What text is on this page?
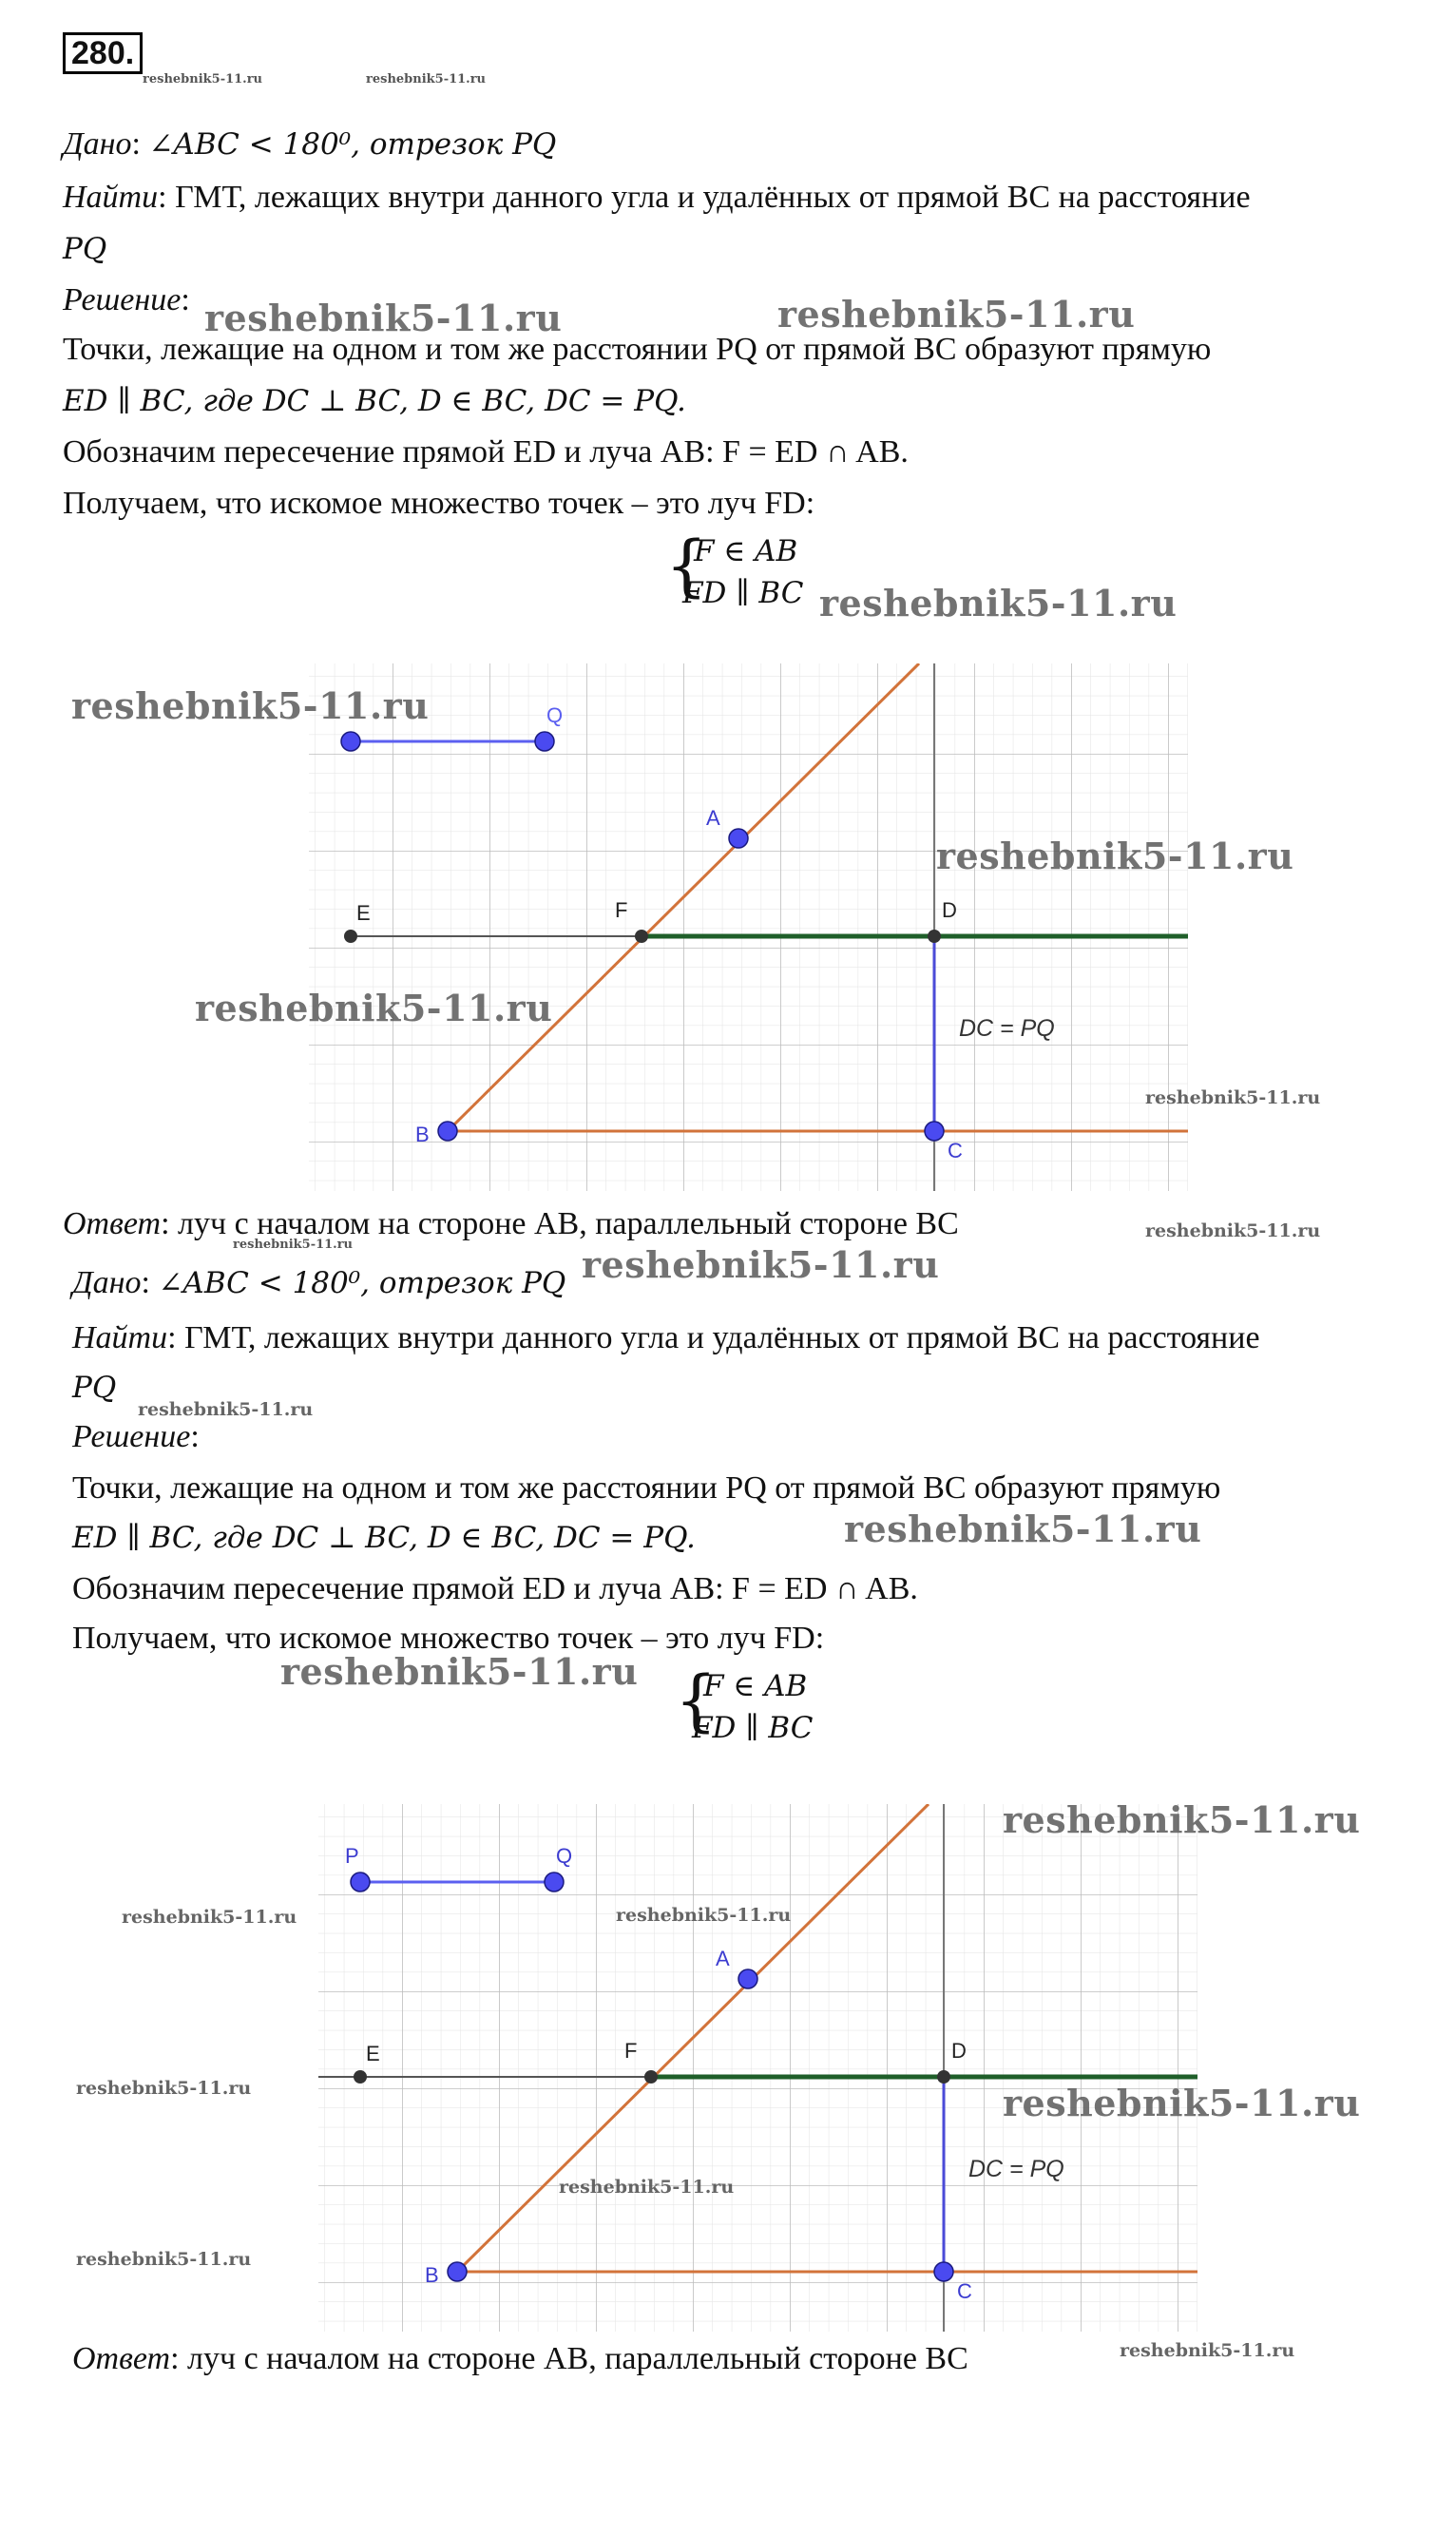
280.
reshebnik5-11.ru	reshebnik5-11.ru
Дано: ∠ABC < 180⁰, отрезок PQ
Найти: ГМТ, лежащих внутри данного угла и удалённых от прямой BC на расстояние
PQ
Решение:
Точки, лежащие на одном и том же расстоянии PQ от прямой BC образуют прямую
ED ∥ BC, где DC ⊥ BC, D ∈ BC, DC = PQ.
Обозначим пересечение прямой ED и луча AB: F = ED ∩ AB.
Получаем, что искомое множество точек – это луч FD:
{
F ∈ AB
FD ∥ BC
reshebnik5-11.ru	reshebnik5-11.ru
reshebnik5-11.ru
Q
A
E	F	D
B
C
DC = PQ
reshebnik5-11.ru
reshebnik5-11.ru
reshebnik5-11.ru
reshebnik5-11.ru
Ответ: луч с началом на стороне AB, параллельный стороне BC	reshebnik5-11.ru
reshebnik5-11.ru
Дано: ∠ABC < 180⁰, отрезок PQ reshebnik5-11.ru
Найти: ГМТ, лежащих внутри данного угла и удалённых от прямой BC на расстояние
PQ
reshebnik5-11.ru
Решение:
Точки, лежащие на одном и том же расстоянии PQ от прямой BC образуют прямую
ED ∥ BC, где DC ⊥ BC, D ∈ BC, DC = PQ.	reshebnik5-11.ru
Обозначим пересечение прямой ED и луча AB: F = ED ∩ AB.
Получаем, что искомое множество точек – это луч FD:
reshebnik5-11.ru {
F ∈ AB
FD ∥ BC
P	Q
A
E	F	D
B
C
DC = PQ
reshebnik5-11.ru
reshebnik5-11.ru	reshebnik5-11.ru
reshebnik5-11.ru	reshebnik5-11.ru
reshebnik5-11.ru
reshebnik5-11.ru
Ответ: луч с началом на стороне AB, параллельный стороне BC	reshebnik5-11.ru
